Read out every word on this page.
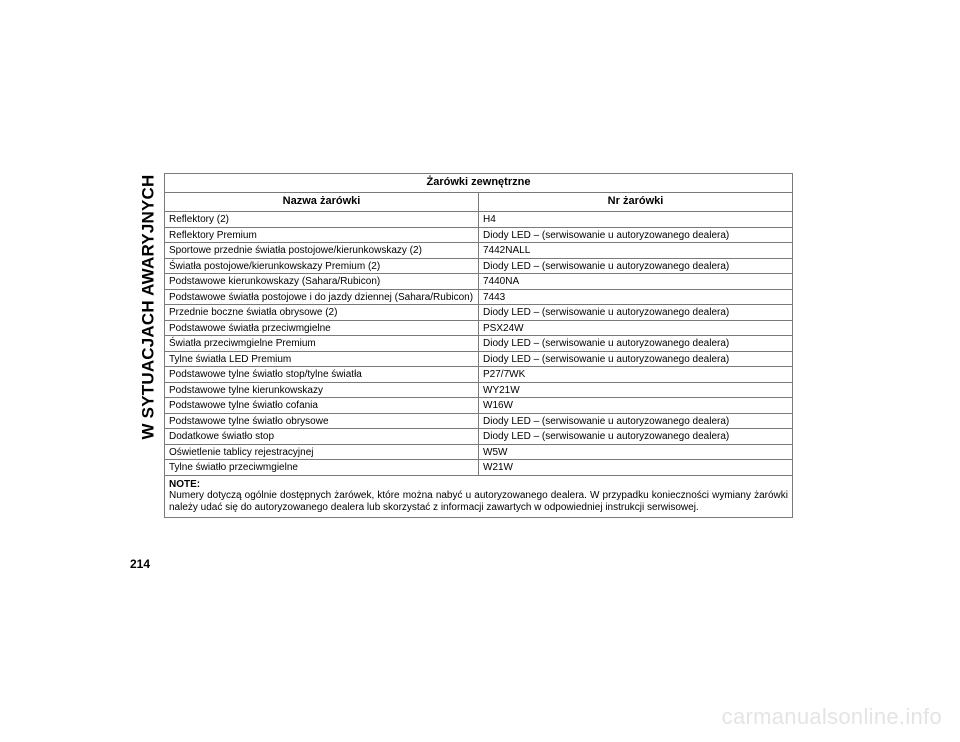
W SYTUACJACH AWARYJNYCH	Żarówki zewnętrzne	
Nazwa żarówki	Nr żarówki
Reflektory (2)	H4
Reflektory Premium	Diody LED – (serwisowanie u autoryzowanego dealera)
Sportowe przednie światła postojowe/kierunkowskazy (2)	7442NALL
Światła postojowe/kierunkowskazy Premium (2)	Diody LED – (serwisowanie u autoryzowanego dealera)
Podstawowe kierunkowskazy (Sahara/Rubicon)	7440NA
Podstawowe światła postojowe i do jazdy dziennej (Sahara/Rubicon)	7443
Przednie boczne światła obrysowe (2)	Diody LED – (serwisowanie u autoryzowanego dealera)
Podstawowe światła przeciwmgielne	PSX24W
Światła przeciwmgielne Premium	Diody LED – (serwisowanie u autoryzowanego dealera)
Tylne światła LED Premium	Diody LED – (serwisowanie u autoryzowanego dealera)
Podstawowe tylne światło stop/tylne światła	P27/7WK
Podstawowe tylne kierunkowskazy	WY21W
Podstawowe tylne światło cofania	W16W
Podstawowe tylne światło obrysowe	Diody LED – (serwisowanie u autoryzowanego dealera)
Dodatkowe światło stop	Diody LED – (serwisowanie u autoryzowanego dealera)
Oświetlenie tablicy rejestracyjnej	W5W
Tylne światło przeciwmgielne	W21W

NOTE:
Numery dotyczą ogólnie dostępnych żarówek, które można nabyć u autoryzowanego dealera. W przypadku konieczności wymiany żarówki należy udać się do autoryzowanego dealera lub skorzystać z informacji zawartych w odpowiedniej instrukcji serwisowej.	
214
carmanualsonline.info
